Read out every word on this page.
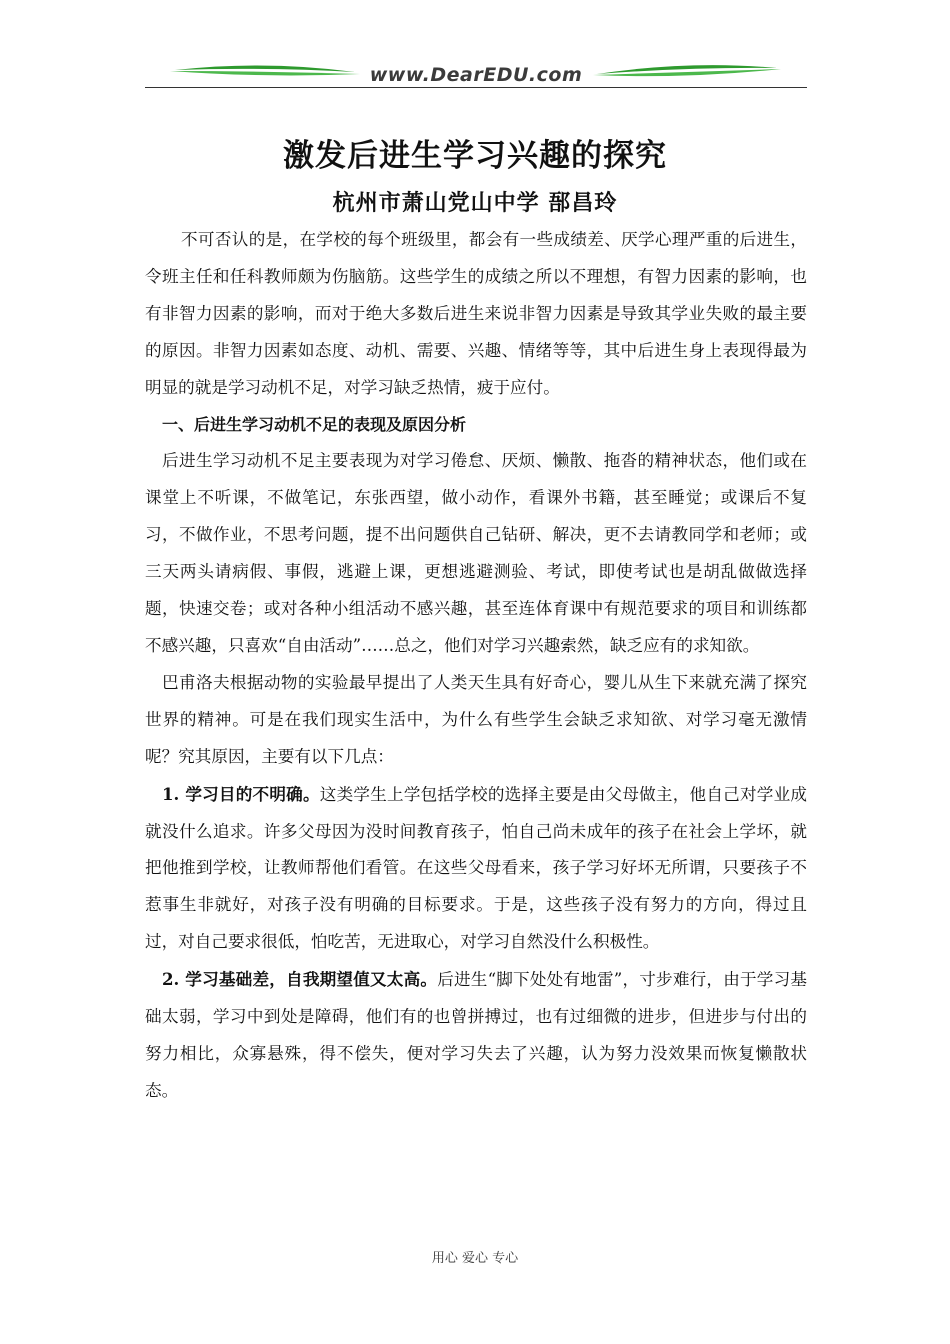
www.DearEDU.com
激发后进生学习兴趣的探究
杭州市萧山党山中学 郚昌玲

不可否认的是，在学校的每个班级里，都会有一些成绩差、厌学心理严重的后进生，令班主任和任科教师颇为伤脑筋。这些学生的成绩之所以不理想，有智力因素的影响，也有非智力因素的影响，而对于绝大多数后进生来说非智力因素是导致其学业失败的最主要的原因。非智力因素如态度、动机、需要、兴趣、情绪等等，其中后进生身上表现得最为明显的就是学习动机不足，对学习缺乏热情，疲于应付。

一、后进生学习动机不足的表现及原因分析

后进生学习动机不足主要表现为对学习倦怠、厌烦、懒散、拖沓的精神状态，他们或在课堂上不听课，不做笔记，东张西望，做小动作，看课外书籍，甚至睡觉；或课后不复习，不做作业，不思考问题，提不出问题供自己钻研、解决，更不去请教同学和老师；或三天两头请病假、事假，逃避上课，更想逃避测验、考试，即使考试也是胡乱做做选择题，快速交卷；或对各种小组活动不感兴趣，甚至连体育课中有规范要求的项目和训练都不感兴趣，只喜欢“自由活动”……总之，他们对学习兴趣索然，缺乏应有的求知欲。

巴甫洛夫根据动物的实验最早提出了人类天生具有好奇心，婴儿从生下来就充满了探究世界的精神。可是在我们现实生活中，为什么有些学生会缺乏求知欲、对学习毫无激情呢？究其原因，主要有以下几点：

1. 学习目的不明确。这类学生上学包括学校的选择主要是由父母做主，他自己对学业成就没什么追求。许多父母因为没时间教育孩子，怕自己尚未成年的孩子在社会上学坏，就把他推到学校，让教师帮他们看管。在这些父母看来，孩子学习好坏无所谓，只要孩子不惹事生非就好，对孩子没有明确的目标要求。于是，这些孩子没有努力的方向，得过且过，对自己要求很低，怕吃苦，无进取心，对学习自然没什么积极性。

2. 学习基础差，自我期望值又太高。后进生“脚下处处有地雷”，寸步难行，由于学习基础太弱，学习中到处是障碍，他们有的也曾拼搏过，也有过细微的进步，但进步与付出的努力相比，众寡悬殊，得不偿失，便对学习失去了兴趣，认为努力没效果而恢复懒散状态。

用心 爱心 专心
